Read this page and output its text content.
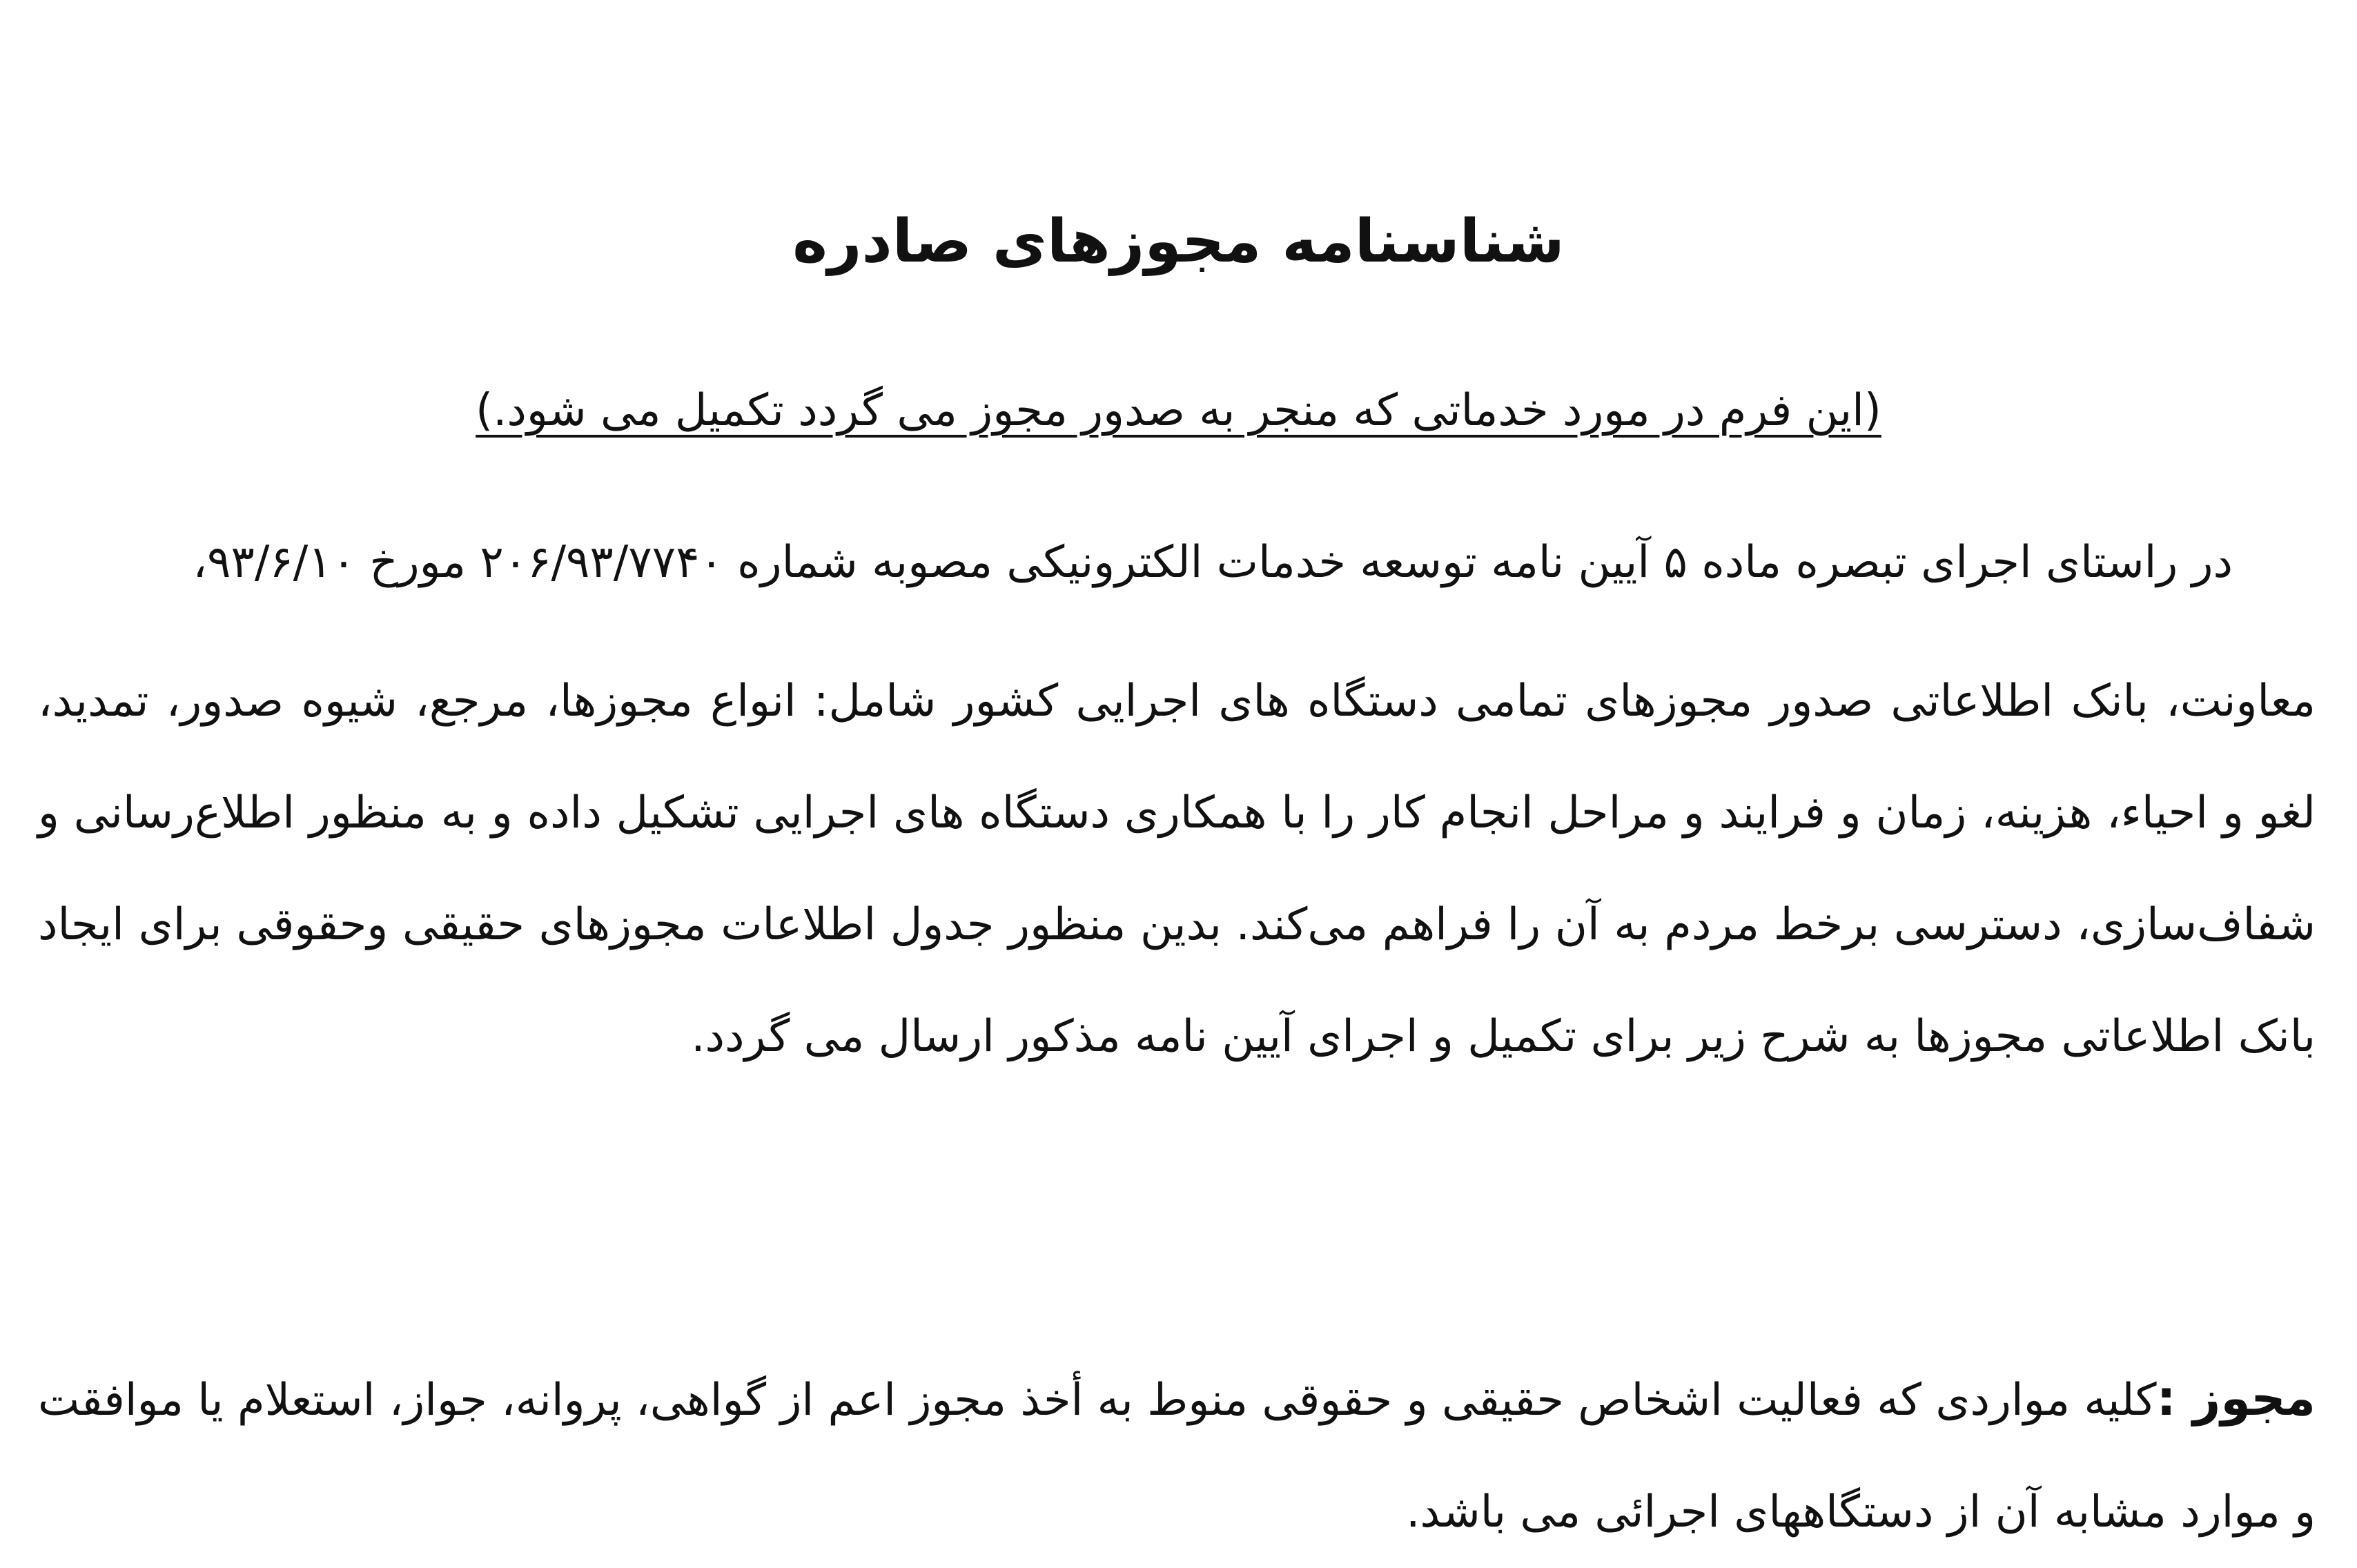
شناسنامه مجوزهای صادره

(این فرم در مورد خدماتی که منجر به صدور مجوز می گردد تکمیل می شود.)

در راستای اجرای تبصره ماده ۵ آیین نامه توسعه خدمات الکترونیکی مصوبه شماره ۲۰۶/۹۳/۷۷۴۰ مورخ ۹۳/۶/۱۰،

معاونت، بانک اطلاعاتی صدور مجوزهای تمامی دستگاه های اجرایی کشور شامل: انواع مجوزها، مرجع، شیوه صدور، تمدید، لغو و احیاء، هزینه، زمان و فرایند و مراحل انجام کار را با همکاری دستگاه های اجرایی تشکیل داده و به منظور اطلاع‌رسانی و شفاف‌سازی، دسترسی برخط مردم به آن را فراهم می‌کند. بدین منظور جدول اطلاعات مجوزهای حقیقی وحقوقی برای ایجاد بانک اطلاعاتی مجوزها به شرح زیر برای تکمیل و اجرای آیین نامه مذکور ارسال می گردد.

مجوز :کلیه مواردی که فعالیت اشخاص حقیقی و حقوقی منوط به أخذ مجوز اعم از گواهی، پروانه، جواز، استعلام یا موافقت و موارد مشابه آن از دستگاههای اجرائی می باشد.
